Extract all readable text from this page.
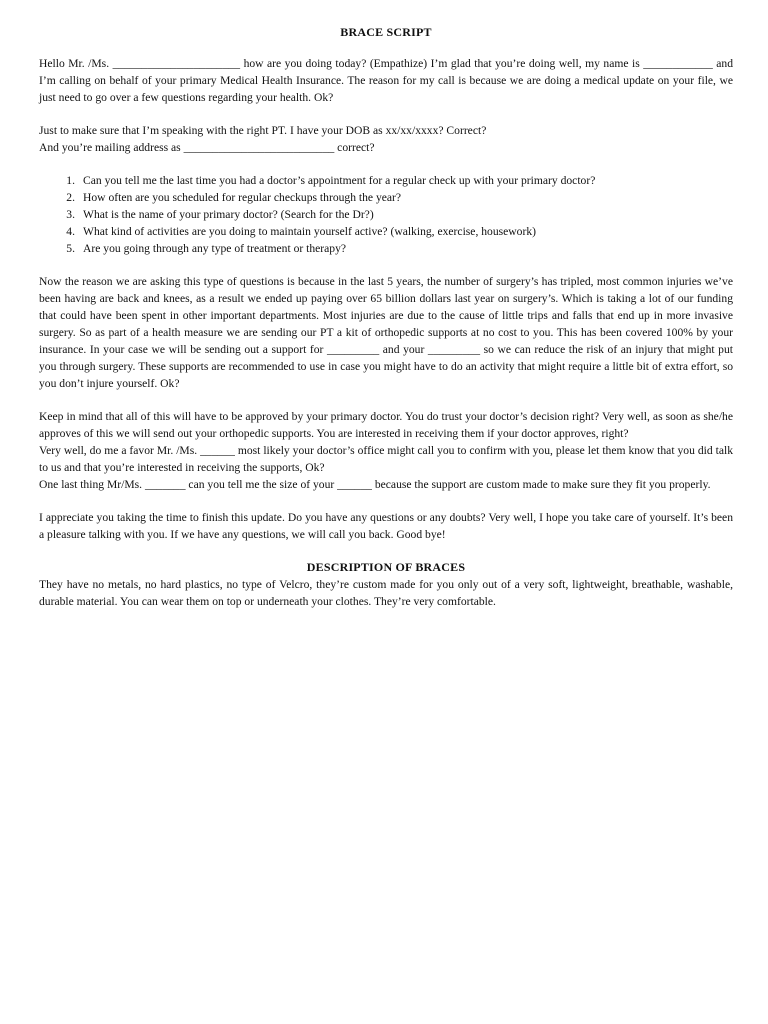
BRACE SCRIPT

Hello Mr. /Ms. ______________________ how are you doing today? (Empathize) I’m glad that you’re doing well, my name is ____________ and I’m calling on behalf of your primary Medical Health Insurance. The reason for my call is because we are doing a medical update on your file, we just need to go over a few questions regarding your health. Ok?

Just to make sure that I’m speaking with the right PT. I have your DOB as xx/xx/xxxx? Correct?

And you’re mailing address as __________________________ correct?

1. Can you tell me the last time you had a doctor’s appointment for a regular check up with your primary doctor?
2. How often are you scheduled for regular checkups through the year?
3. What is the name of your primary doctor? (Search for the Dr?)
4. What kind of activities are you doing to maintain yourself active? (walking, exercise, housework)
5. Are you going through any type of treatment or therapy?

Now the reason we are asking this type of questions is because in the last 5 years, the number of surgery’s has tripled, most common injuries we’ve been having are back and knees, as a result we ended up paying over 65 billion dollars last year on surgery’s. Which is taking a lot of our funding that could have been spent in other important departments. Most injuries are due to the cause of little trips and falls that end up in more invasive surgery. So as part of a health measure we are sending our PT a kit of orthopedic supports at no cost to you. This has been covered 100% by your insurance. In your case we will be sending out a support for _________ and your _________ so we can reduce the risk of an injury that might put you through surgery. These supports are recommended to use in case you might have to do an activity that might require a little bit of extra effort, so you don’t injure yourself. Ok?

Keep in mind that all of this will have to be approved by your primary doctor. You do trust your doctor’s decision right? Very well, as soon as she/he approves of this we will send out your orthopedic supports. You are interested in receiving them if your doctor approves, right?

Very well, do me a favor Mr. /Ms. ______ most likely your doctor’s office might call you to confirm with you, please let them know that you did talk to us and that you’re interested in receiving the supports, Ok?

One last thing Mr/Ms. _______ can you tell me the size of your ______ because the support are custom made to make sure they fit you properly.

I appreciate you taking the time to finish this update. Do you have any questions or any doubts? Very well, I hope you take care of yourself. It’s been a pleasure talking with you. If we have any questions, we will call you back. Good bye!

DESCRIPTION OF BRACES

They have no metals, no hard plastics, no type of Velcro, they’re custom made for you only out of a very soft, lightweight, breathable, washable, durable material. You can wear them on top or underneath your clothes. They’re very comfortable.
